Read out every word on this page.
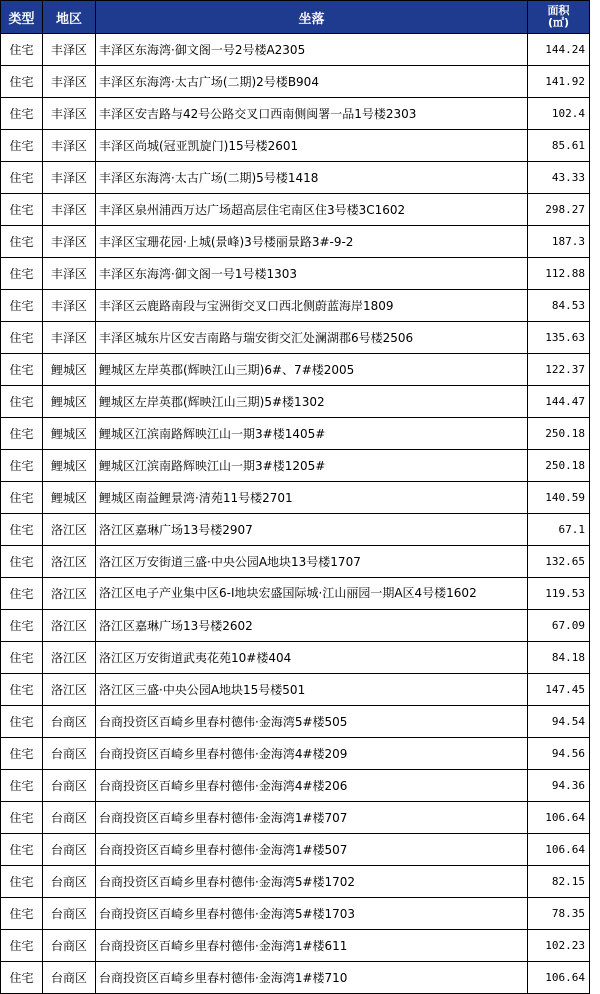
类型	地区	坐落	面积
(㎡)

住宅	丰泽区	丰泽区东海湾·御文阁一号2号楼A2305	144.24
住宅	丰泽区	丰泽区东海湾·太古广场(二期)2号楼B904	141.92
住宅	丰泽区	丰泽区安吉路与42号公路交叉口西南侧闽署一品1号楼2303	102.4
住宅	丰泽区	丰泽区尚城(冠亚凯旋门)15号楼2601	85.61
住宅	丰泽区	丰泽区东海湾·太古广场(二期)5号楼1418	43.33
住宅	丰泽区	丰泽区泉州浦西万达广场超高层住宅南区住3号楼3C1602	298.27
住宅	丰泽区	丰泽区宝珊花园·上城(景峰)3号楼丽景路3#-9-2	187.3
住宅	丰泽区	丰泽区东海湾·御文阁一号1号楼1303	112.88
住宅	丰泽区	丰泽区云鹿路南段与宝洲街交叉口西北侧蔚蓝海岸1809	84.53
住宅	丰泽区	丰泽区城东片区安吉南路与瑞安街交汇处澜湖郡6号楼2506	135.63
住宅	鲤城区	鲤城区左岸英郡(辉映江山三期)6#、7#楼2005	122.37
住宅	鲤城区	鲤城区左岸英郡(辉映江山三期)5#楼1302	144.47
住宅	鲤城区	鲤城区江滨南路辉映江山一期3#楼1405#	250.18
住宅	鲤城区	鲤城区江滨南路辉映江山一期3#楼1205#	250.18
住宅	鲤城区	鲤城区南益鲤景湾·清苑11号楼2701	140.59
住宅	洛江区	洛江区嘉琳广场13号楼2907	67.1
住宅	洛江区	洛江区万安街道三盛·中央公园A地块13号楼1707	132.65
住宅	洛江区	洛江区电子产业集中区6-I地块宏盛国际城·江山丽园一期A区4号楼1602	119.53
住宅	洛江区	洛江区嘉琳广场13号楼2602	67.09
住宅	洛江区	洛江区万安街道武夷花苑10#楼404	84.18
住宅	洛江区	洛江区三盛·中央公园A地块15号楼501	147.45
住宅	台商区	台商投资区百崎乡里春村德伟·金海湾5#楼505	94.54
住宅	台商区	台商投资区百崎乡里春村德伟·金海湾4#楼209	94.56
住宅	台商区	台商投资区百崎乡里春村德伟·金海湾4#楼206	94.36
住宅	台商区	台商投资区百崎乡里春村德伟·金海湾1#楼707	106.64
住宅	台商区	台商投资区百崎乡里春村德伟·金海湾1#楼507	106.64
住宅	台商区	台商投资区百崎乡里春村德伟·金海湾5#楼1702	82.15
住宅	台商区	台商投资区百崎乡里春村德伟·金海湾5#楼1703	78.35
住宅	台商区	台商投资区百崎乡里春村德伟·金海湾1#楼611	102.23
住宅	台商区	台商投资区百崎乡里春村德伟·金海湾1#楼710	106.64
